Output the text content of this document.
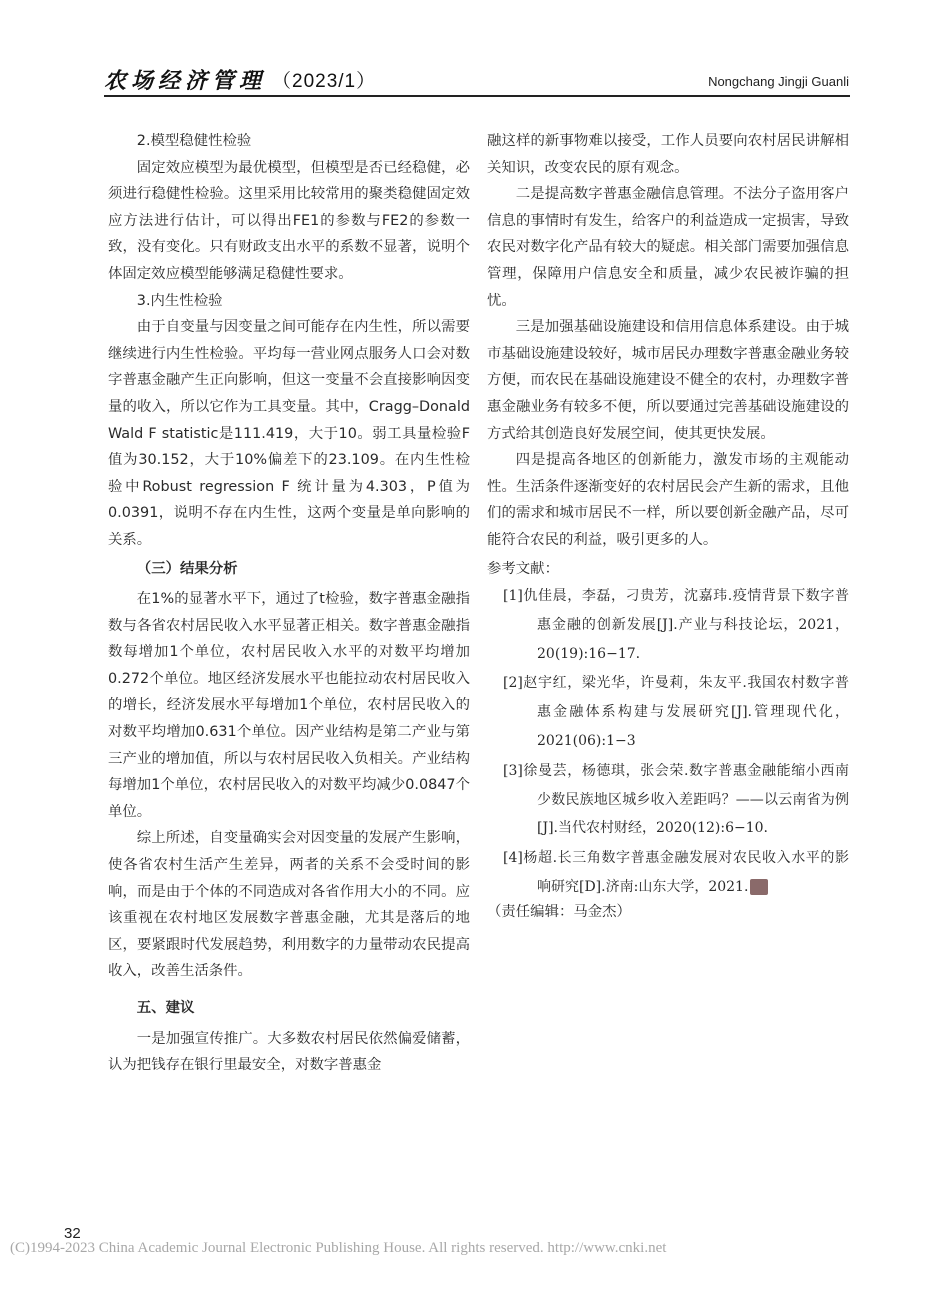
农场经济管理 （2023/1）	Nongchang Jingji Guanli

2.模型稳健性检验

固定效应模型为最优模型，但模型是否已经稳健，必须进行稳健性检验。这里采用比较常用的聚类稳健固定效应方法进行估计，可以得出FE1的参数与FE2的参数一致，没有变化。只有财政支出水平的系数不显著，说明个体固定效应模型能够满足稳健性要求。

3.内生性检验

由于自变量与因变量之间可能存在内生性，所以需要继续进行内生性检验。平均每一营业网点服务人口会对数字普惠金融产生正向影响，但这一变量不会直接影响因变量的收入，所以它作为工具变量。其中，Cragg–Donald Wald F statistic是111.419，大于10。弱工具量检验F值为30.152，大于10%偏差下的23.109。在内生性检验中Robust regression F 统计量为4.303，P值为0.0391，说明不存在内生性，这两个变量是单向影响的关系。

（三）结果分析

在1%的显著水平下，通过了t检验，数字普惠金融指数与各省农村居民收入水平显著正相关。数字普惠金融指数每增加1个单位，农村居民收入水平的对数平均增加0.272个单位。地区经济发展水平也能拉动农村居民收入的增长，经济发展水平每增加1个单位，农村居民收入的对数平均增加0.631个单位。因产业结构是第二产业与第三产业的增加值，所以与农村居民收入负相关。产业结构每增加1个单位，农村居民收入的对数平均减少0.0847个单位。

综上所述，自变量确实会对因变量的发展产生影响，使各省农村生活产生差异，两者的关系不会受时间的影响，而是由于个体的不同造成对各省作用大小的不同。应该重视在农村地区发展数字普惠金融，尤其是落后的地区，要紧跟时代发展趋势，利用数字的力量带动农民提高收入，改善生活条件。

五、建议

一是加强宣传推广。大多数农村居民依然偏爱储蓄，认为把钱存在银行里最安全，对数字普惠金

融这样的新事物难以接受，工作人员要向农村居民讲解相关知识，改变农民的原有观念。

二是提高数字普惠金融信息管理。不法分子盗用客户信息的事情时有发生，给客户的利益造成一定损害，导致农民对数字化产品有较大的疑虑。相关部门需要加强信息管理，保障用户信息安全和质量，减少农民被诈骗的担忧。

三是加强基础设施建设和信用信息体系建设。由于城市基础设施建设较好，城市居民办理数字普惠金融业务较方便，而农民在基础设施建设不健全的农村，办理数字普惠金融业务有较多不便，所以要通过完善基础设施建设的方式给其创造良好发展空间，使其更快发展。

四是提高各地区的创新能力，激发市场的主观能动性。生活条件逐渐变好的农村居民会产生新的需求，且他们的需求和城市居民不一样，所以要创新金融产品，尽可能符合农民的利益，吸引更多的人。

参考文献：

[1]仇佳晨，李磊，刁贵芳，沈嘉玮.疫情背景下数字普惠金融的创新发展[J].产业与科技论坛，2021，20(19):16−17.

[2]赵宇红，梁光华，许曼莉，朱友平.我国农村数字普惠金融体系构建与发展研究[J].管理现代化，2021(06):1−3

[3]徐曼芸，杨德琪，张会荣.数字普惠金融能缩小西南少数民族地区城乡收入差距吗？——以云南省为例[J].当代农村财经，2020(12):6−10.

[4]杨超.长三角数字普惠金融发展对农民收入水平的影响研究[D].济南:山东大学，2021.

（责任编辑：马金杰）

32
(C)1994-2023 China Academic Journal Electronic Publishing House. All rights reserved. http://www.cnki.net
